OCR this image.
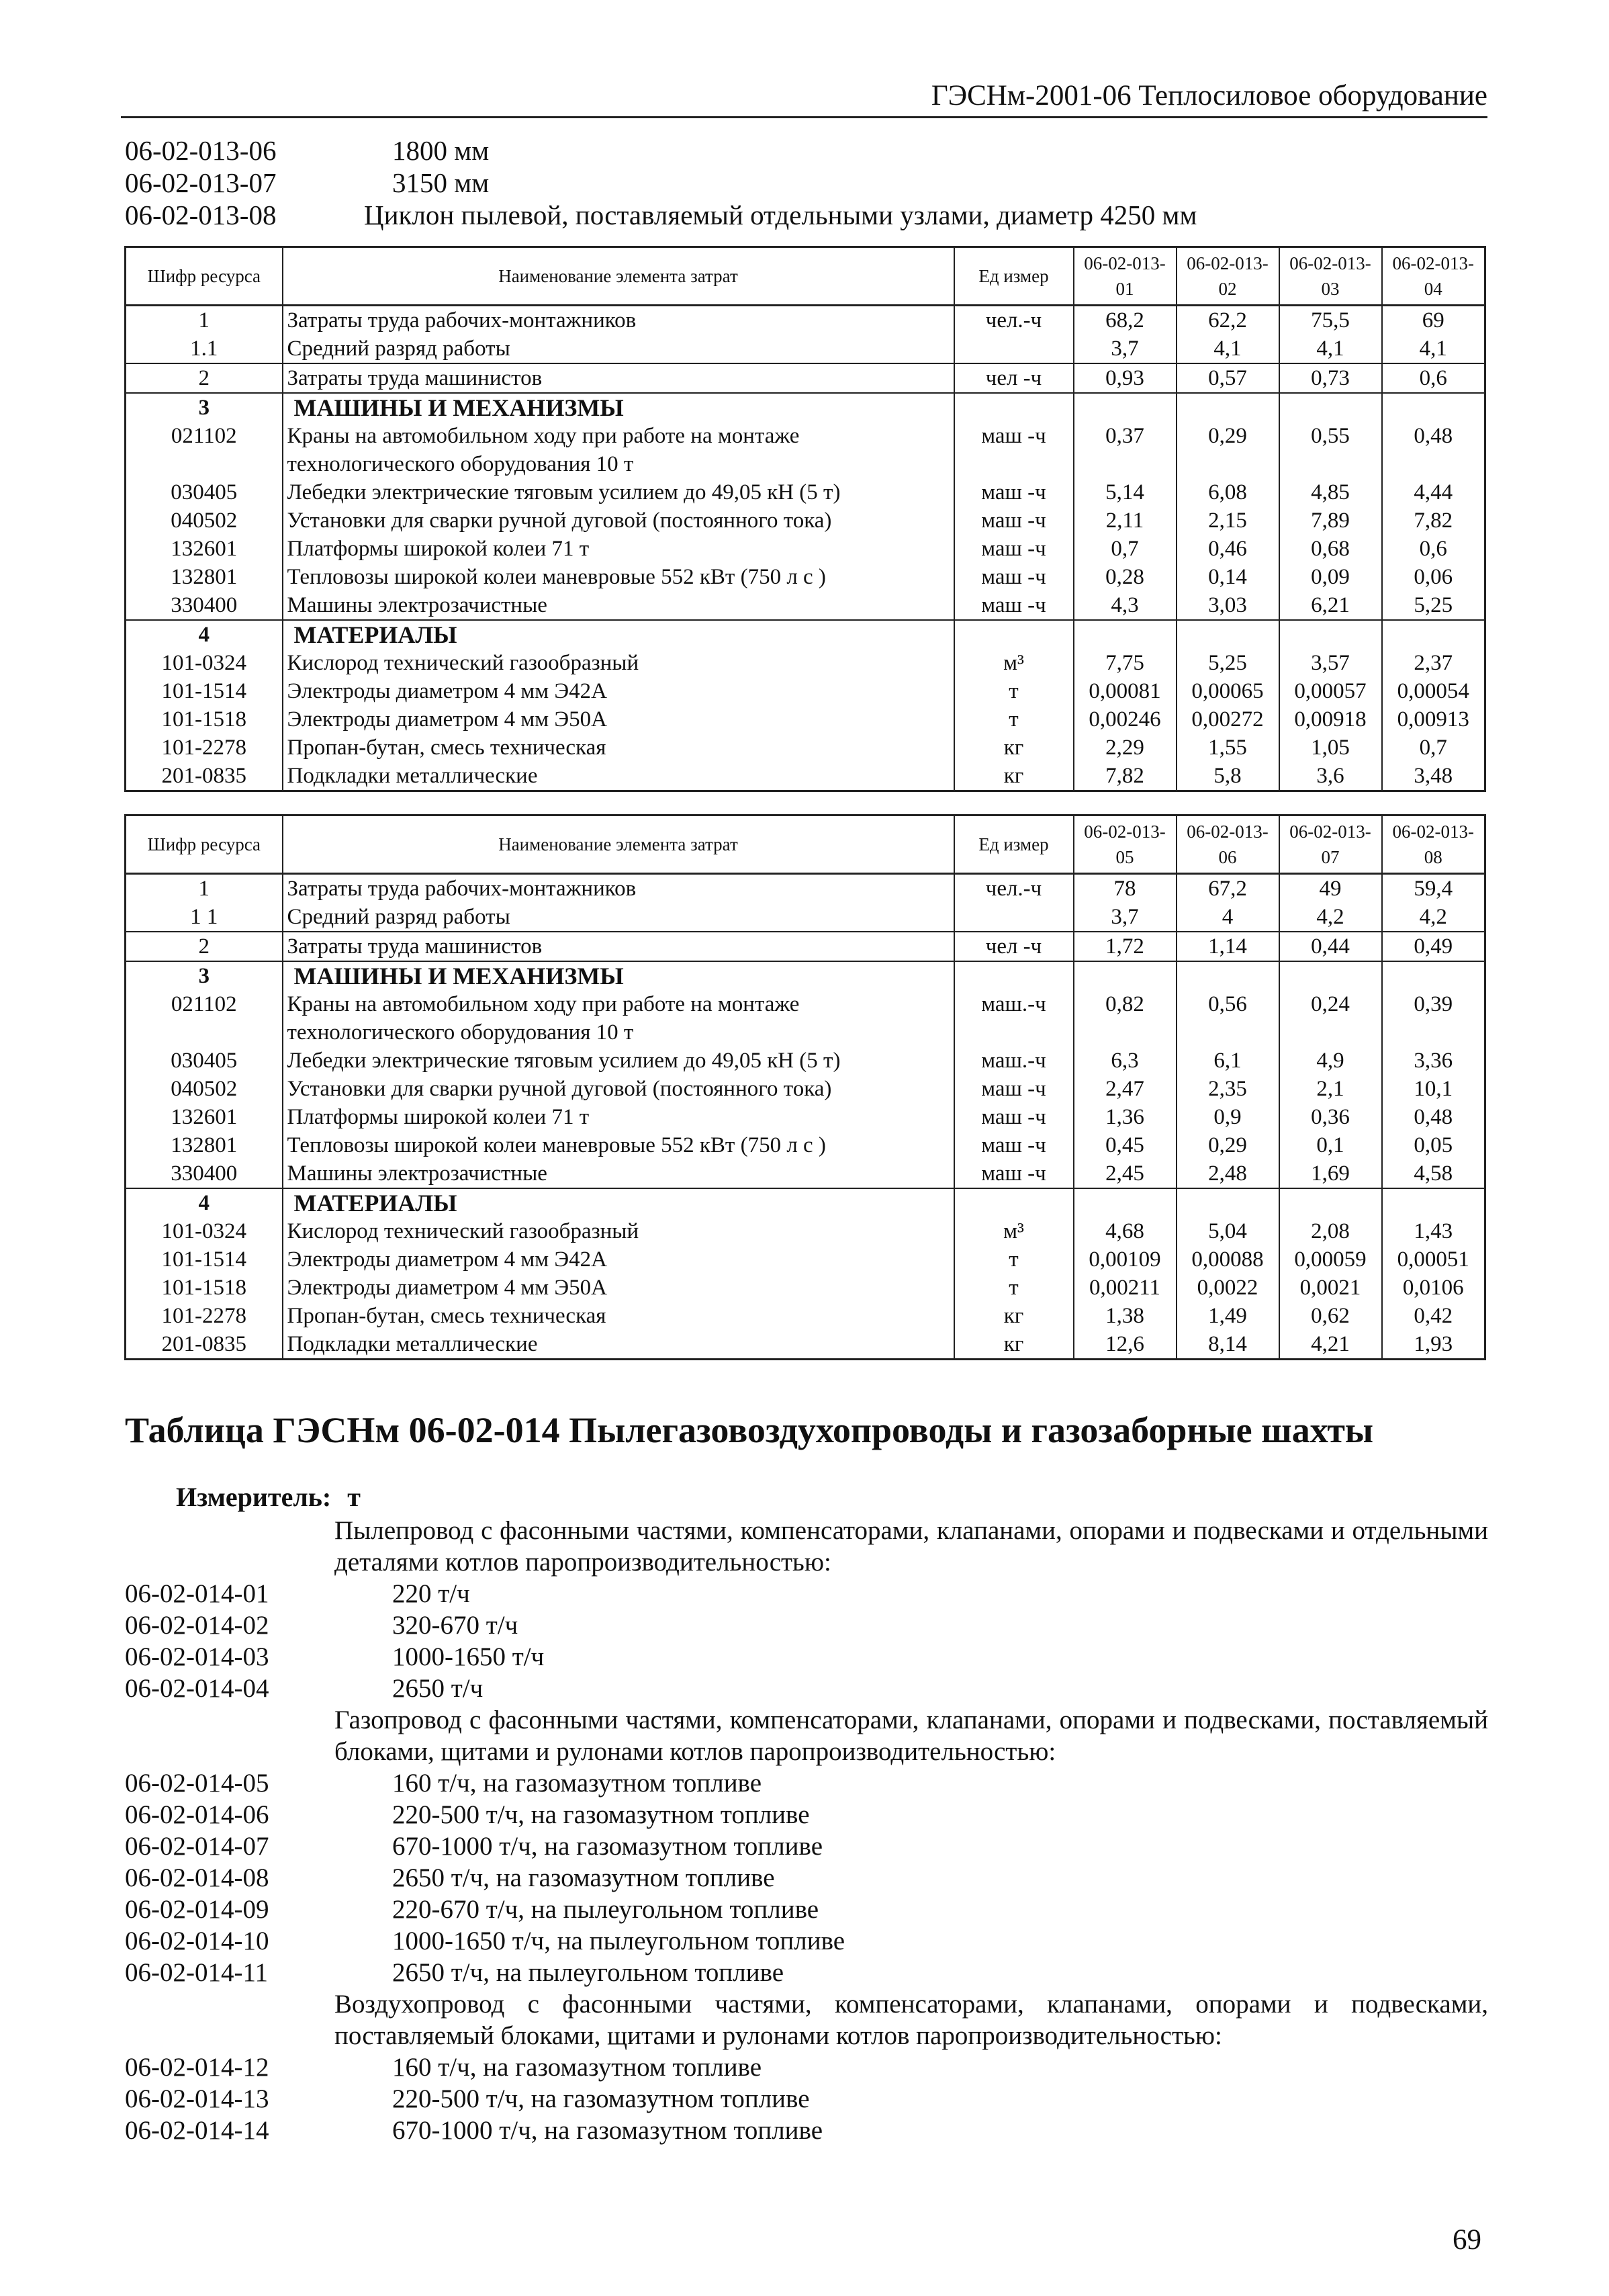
ГЭСНм-2001-06 Теплосиловое оборудование
06-02-013-06	1800 мм
06-02-013-07	3150 мм
06-02-013-08	Циклон пылевой, поставляемый отдельными узлами, диаметр 4250 мм
Шифр ресурса	Наименование элемента затрат	Ед измер	06-02-013-01	06-02-013-02	06-02-013-03	06-02-013-04
1	Затраты труда рабочих-монтажников	чел.-ч	68,2	62,2	75,5	69
1.1	Средний разряд работы		3,7	4,1	4,1	4,1
2	Затраты труда машинистов	чел -ч	0,93	0,57	0,73	0,6
3	МАШИНЫ И МЕХАНИЗМЫ					
021102	Краны на автомобильном ходу при работе на монтаже технологического оборудования 10 т	маш -ч	0,37	0,29	0,55	0,48
030405	Лебедки электрические тяговым усилием до 49,05 кН (5 т)	маш -ч	5,14	6,08	4,85	4,44
040502	Установки для сварки ручной дуговой (постоянного тока)	маш -ч	2,11	2,15	7,89	7,82
132601	Платформы широкой колеи 71 т	маш -ч	0,7	0,46	0,68	0,6
132801	Тепловозы широкой колеи маневровые 552 кВт (750 л с )	маш -ч	0,28	0,14	0,09	0,06
330400	Машины электрозачистные	маш -ч	4,3	3,03	6,21	5,25
4	МАТЕРИАЛЫ					
101-0324	Кислород технический газообразный	м³	7,75	5,25	3,57	2,37
101-1514	Электроды диаметром 4 мм Э42А	т	0,00081	0,00065	0,00057	0,00054
101-1518	Электроды диаметром 4 мм Э50А	т	0,00246	0,00272	0,00918	0,00913
101-2278	Пропан-бутан, смесь техническая	кг	2,29	1,55	1,05	0,7
201-0835	Подкладки металлические	кг	7,82	5,8	3,6	3,48
Шифр ресурса	Наименование элемента затрат	Ед измер	06-02-013-05	06-02-013-06	06-02-013-07	06-02-013-08
1	Затраты труда рабочих-монтажников	чел.-ч	78	67,2	49	59,4
1 1	Средний разряд работы		3,7	4	4,2	4,2
2	Затраты труда машинистов	чел -ч	1,72	1,14	0,44	0,49
3	МАШИНЫ И МЕХАНИЗМЫ					
021102	Краны на автомобильном ходу при работе на монтаже технологического оборудования 10 т	маш.-ч	0,82	0,56	0,24	0,39
030405	Лебедки электрические тяговым усилием до 49,05 кН (5 т)	маш.-ч	6,3	6,1	4,9	3,36
040502	Установки для сварки ручной дуговой (постоянного тока)	маш -ч	2,47	2,35	2,1	10,1
132601	Платформы широкой колеи 71 т	маш -ч	1,36	0,9	0,36	0,48
132801	Тепловозы широкой колеи маневровые 552 кВт (750 л с )	маш -ч	0,45	0,29	0,1	0,05
330400	Машины электрозачистные	маш -ч	2,45	2,48	1,69	4,58
4	МАТЕРИАЛЫ					
101-0324	Кислород технический газообразный	м³	4,68	5,04	2,08	1,43
101-1514	Электроды диаметром 4 мм Э42А	т	0,00109	0,00088	0,00059	0,00051
101-1518	Электроды диаметром 4 мм Э50А	т	0,00211	0,0022	0,0021	0,0106
101-2278	Пропан-бутан, смесь техническая	кг	1,38	1,49	0,62	0,42
201-0835	Подкладки металлические	кг	12,6	8,14	4,21	1,93
Таблица ГЭСНм 06-02-014 Пылегазовоздухопроводы и газозаборные шахты
Измеритель: т
Пылепровод с фасонными частями, компенсаторами, клапанами, опорами и подвесками и отдельными деталями котлов паропроизводительностью:
06-02-014-01	220 т/ч
06-02-014-02	320-670 т/ч
06-02-014-03	1000-1650 т/ч
06-02-014-04	2650 т/ч
Газопровод с фасонными частями, компенсаторами, клапанами, опорами и подвесками, поставляемый блоками, щитами и рулонами котлов паропроизводительностью:
06-02-014-05	160 т/ч, на газомазутном топливе
06-02-014-06	220-500 т/ч, на газомазутном топливе
06-02-014-07	670-1000 т/ч, на газомазутном топливе
06-02-014-08	2650 т/ч, на газомазутном топливе
06-02-014-09	220-670 т/ч, на пылеугольном топливе
06-02-014-10	1000-1650 т/ч, на пылеугольном топливе
06-02-014-11	2650 т/ч, на пылеугольном топливе
Воздухопровод с фасонными частями, компенсаторами, клапанами, опорами и подвесками, поставляемый блоками, щитами и рулонами котлов паропроизводительностью:
06-02-014-12	160 т/ч, на газомазутном топливе
06-02-014-13	220-500 т/ч, на газомазутном топливе
06-02-014-14	670-1000 т/ч, на газомазутном топливе
69
